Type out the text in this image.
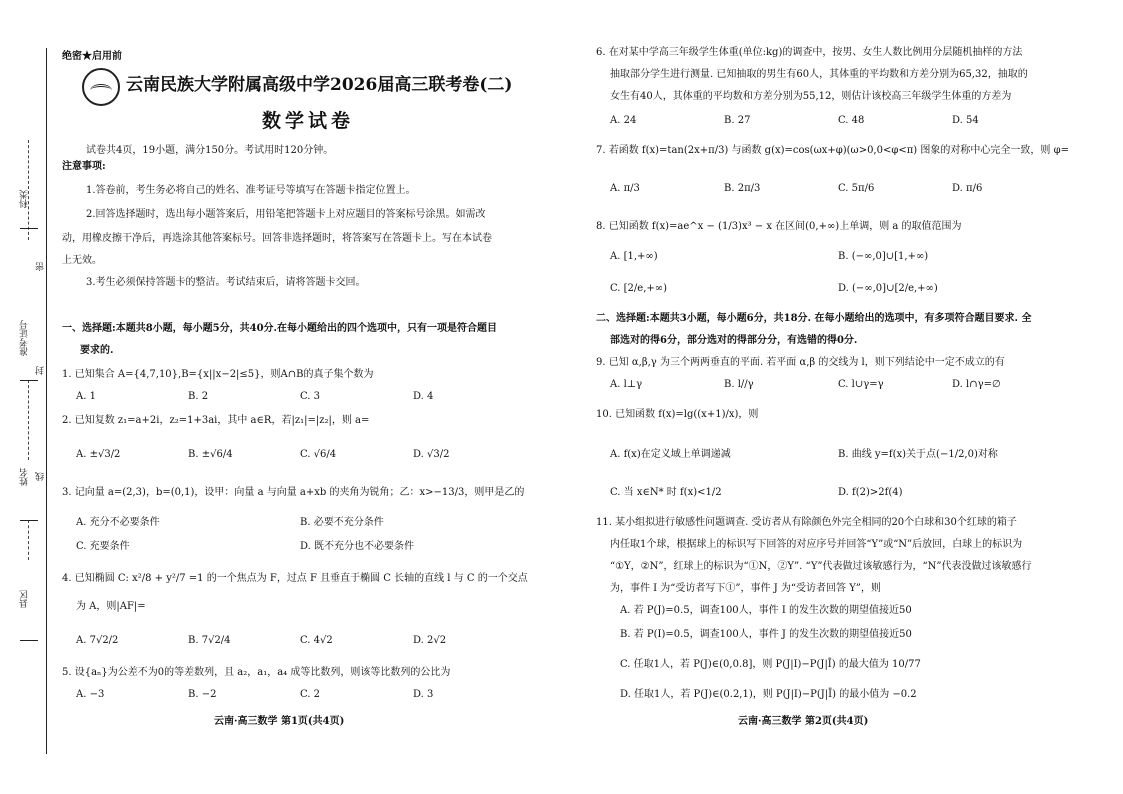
科类
密
准考证号
封
姓名 线
县区
绝密★启用前
云南民族大学附属高级中学2026届高三联考卷(二)
数学试卷
试卷共4页，19小题，满分150分。考试用时120分钟。
注意事项:
1.答卷前，考生务必将自己的姓名、准考证号等填写在答题卡指定位置上。
2.回答选择题时，选出每小题答案后，用铅笔把答题卡上对应题目的答案标号涂黑。如需改
动，用橡皮擦干净后，再选涂其他答案标号。回答非选择题时，将答案写在答题卡上。写在本试卷
上无效。
3.考生必须保持答题卡的整洁。考试结束后，请将答题卡交回。
一、选择题:本题共8小题，每小题5分，共40分.在每小题给出的四个选项中，只有一项是符合题目
要求的.
1. 已知集合 A={4,7,10},B={x||x−2|≤5}，则A∩B的真子集个数为
A. 1	B. 2	C. 3	D. 4
2. 已知复数 z₁=a+2i，z₂=1+3ai，其中 a∈R，若|z₁|=|z₂|，则 a=
A. ±√3/2	B. ±√6/4	C. √6/4	D. √3/2
3. 记向量 a=(2,3)，b=(0,1)，设甲：向量 a 与向量 a+xb 的夹角为锐角；乙：x>−13/3，则甲是乙的
A. 充分不必要条件	B. 必要不充分条件
C. 充要条件	D. 既不充分也不必要条件
4. 已知椭圆 C: x²/8 + y²/7 =1 的一个焦点为 F，过点 F 且垂直于椭圆 C 长轴的直线 l 与 C 的一个交点
为 A，则|AF|=
A. 7√2/2	B. 7√2/4	C. 4√2	D. 2√2
5. 设{aₙ}为公差不为0的等差数列，且 a₂，a₁，a₄ 成等比数列，则该等比数列的公比为
A. −3	B. −2	C. 2	D. 3
云南·高三数学 第1页(共4页)
6. 在对某中学高三年级学生体重(单位:kg)的调查中，按男、女生人数比例用分层随机抽样的方法
抽取部分学生进行测量. 已知抽取的男生有60人，其体重的平均数和方差分别为65,32，抽取的
女生有40人，其体重的平均数和方差分别为55,12，则估计该校高三年级学生体重的方差为
A. 24	B. 27	C. 48	D. 54
7. 若函数 f(x)=tan(2x+π/3) 与函数 g(x)=cos(ωx+φ)(ω>0,0<φ<π) 图象的对称中心完全一致，则 φ=
A. π/3	B. 2π/3	C. 5π/6	D. π/6
8. 已知函数 f(x)=ae^x − (1/3)x³ − x 在区间(0,+∞)上单调，则 a 的取值范围为
A. [1,+∞)	B. (−∞,0]∪[1,+∞)
C. [2/e,+∞)	D. (−∞,0]∪[2/e,+∞)
二、选择题:本题共3小题，每小题6分，共18分. 在每小题给出的选项中，有多项符合题目要求. 全
部选对的得6分，部分选对的得部分分，有选错的得0分.
9. 已知 α,β,γ 为三个两两垂直的平面. 若平面 α,β 的交线为 l，则下列结论中一定不成立的有
A. l⊥γ	B. l//γ	C. l∪γ=γ	D. l∩γ=∅
10. 已知函数 f(x)=lg((x+1)/x)，则
A. f(x)在定义域上单调递减	B. 曲线 y=f(x)关于点(−1/2,0)对称
C. 当 x∈N* 时 f(x)<1/2	D. f(2)>2f(4)
11. 某小组拟进行敏感性问题调查. 受访者从有除颜色外完全相同的20个白球和30个红球的箱子
内任取1个球，根据球上的标识写下回答的对应序号并回答“Y”或“N”后放回，白球上的标识为
“①Y，②N”，红球上的标识为“①N，②Y”. “Y”代表做过该敏感行为，“N”代表没做过该敏感行
为，事件 I 为“受访者写下①”，事件 J 为“受访者回答 Y”，则
A. 若 P(J)=0.5，调查100人，事件 I 的发生次数的期望值接近50
B. 若 P(I)=0.5，调查100人，事件 J 的发生次数的期望值接近50
C. 任取1人，若 P(J)∈(0,0.8]，则 P(J|I)−P(J|Ī) 的最大值为 10/77
D. 任取1人，若 P(J)∈(0.2,1)，则 P(J|I)−P(J|Ī) 的最小值为 −0.2
云南·高三数学 第2页(共4页)
